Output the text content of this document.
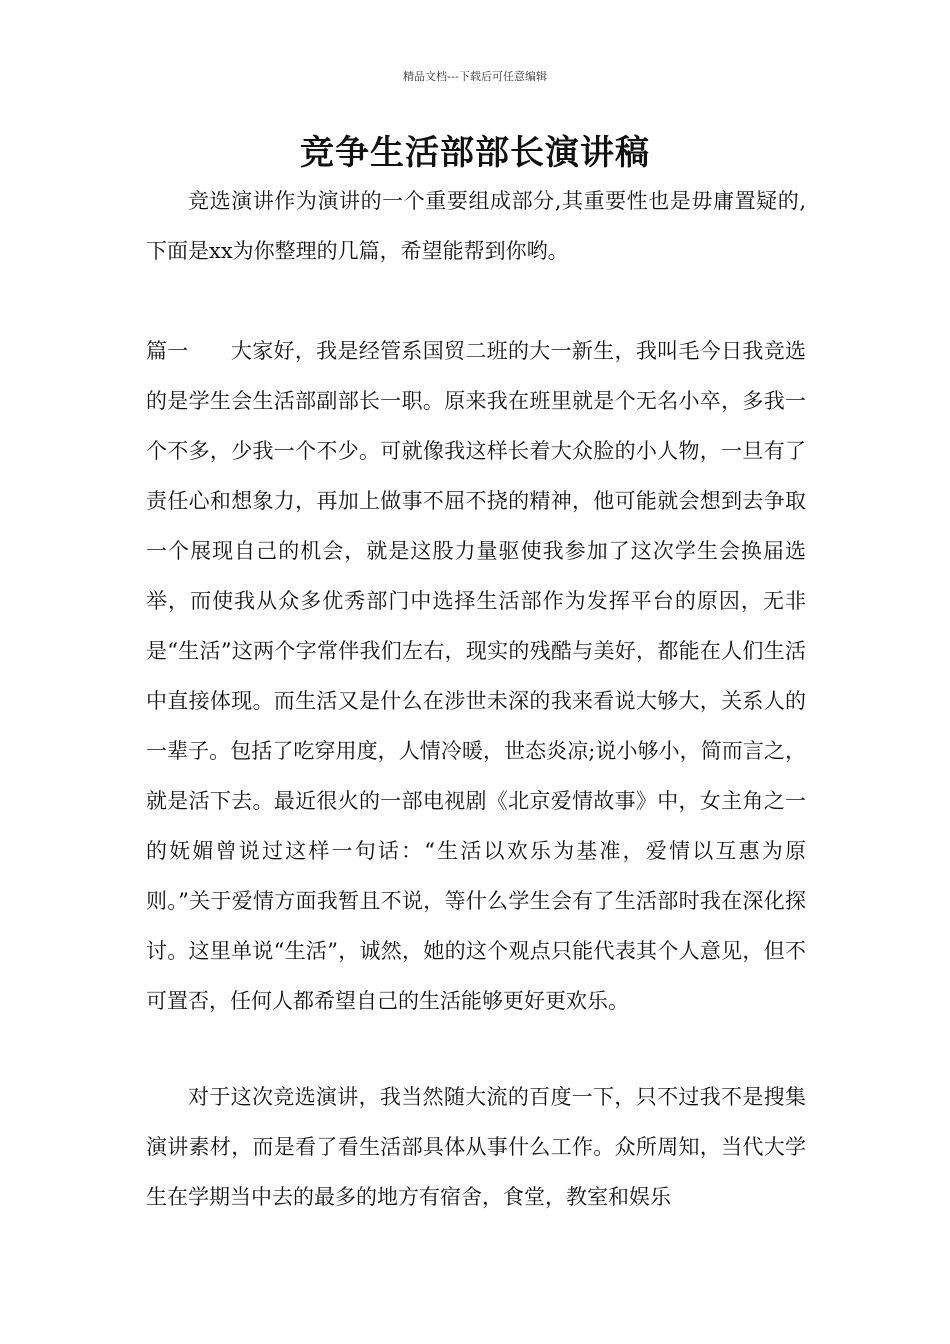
精品文档---下载后可任意编辑
竞争生活部部长演讲稿
竞选演讲作为演讲的一个重要组成部分,其重要性也是毋庸置疑的,下面是xx为你整理的几篇，希望能帮到你哟。
篇一 大家好，我是经管系国贸二班的大一新生，我叫毛今日我竞选的是学生会生活部副部长一职。原来我在班里就是个无名小卒，多我一个不多，少我一个不少。可就像我这样长着大众脸的小人物，一旦有了责任心和想象力，再加上做事不屈不挠的精神，他可能就会想到去争取一个展现自己的机会，就是这股力量驱使我参加了这次学生会换届选举，而使我从众多优秀部门中选择生活部作为发挥平台的原因，无非是“生活”这两个字常伴我们左右，现实的残酷与美好，都能在人们生活中直接体现。而生活又是什么在涉世未深的我来看说大够大，关系人的一辈子。包括了吃穿用度，人情冷暖，世态炎凉;说小够小，简而言之，就是活下去。最近很火的一部电视剧《北京爱情故事》中，女主角之一的妩媚曾说过这样一句话：“生活以欢乐为基准，爱情以互惠为原则。”关于爱情方面我暂且不说，等什么学生会有了生活部时我在深化探讨。这里单说“生活”，诚然，她的这个观点只能代表其个人意见，但不可置否，任何人都希望自己的生活能够更好更欢乐。
对于这次竞选演讲，我当然随大流的百度一下，只不过我不是搜集演讲素材，而是看了看生活部具体从事什么工作。众所周知，当代大学生在学期当中去的最多的地方有宿舍，食堂，教室和娱乐
